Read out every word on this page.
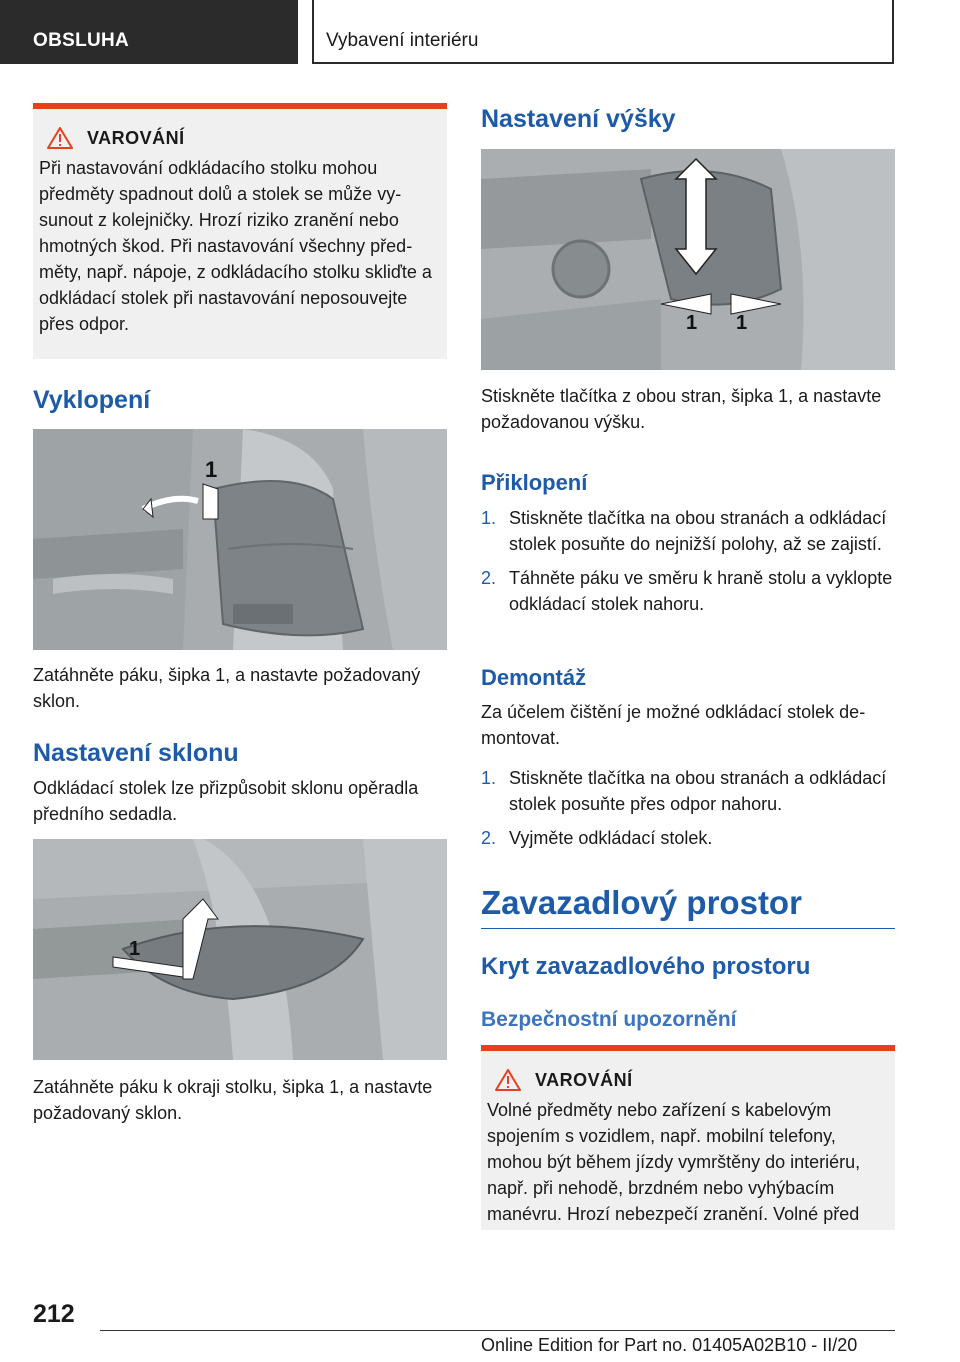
OBSLUHA	Vybavení interiéru
VAROVÁNÍ

Při nastavování odkládacího stolku mohou předměty spadnout dolů a stolek se může vysunout z kolejničky. Hrozí riziko zranění nebo hmotných škod. Při nastavování všechny předměty, např. nápoje, z odkládacího stolku skliďte a odkládací stolek při nastavování neposouvejte přes odpor.

Vyklopení
1
Zatáhněte páku, šipka 1, a nastavte požadovaný sklon.
Nastavení sklonu
Odkládací stolek lze přizpůsobit sklonu opěradla předního sedadla.
1
Zatáhněte páku k okraji stolku, šipka 1, a nastavte požadovaný sklon.
Nastavení výšky
1 1
Stiskněte tlačítka z obou stran, šipka 1, a nastavte požadovanou výšku.
Přiklopení
1. Stiskněte tlačítka na obou stranách a odkládací stolek posuňte do nejnižší polohy, až se zajistí.
2. Táhněte páku ve směru k hraně stolu a vyklopte odkládací stolek nahoru.
Demontáž
Za účelem čištění je možné odkládací stolek demontovat.
1. Stiskněte tlačítka na obou stranách a odkládací stolek posuňte přes odpor nahoru.
2. Vyjměte odkládací stolek.
Zavazadlový prostor
Kryt zavazadlového prostoru
Bezpečnostní upozornění
VAROVÁNÍ

Volné předměty nebo zařízení s kabelovým spojením s vozidlem, např. mobilní telefony, mohou být během jízdy vymrštěny do interiéru, např. při nehodě, brzdném nebo vyhýbacím manévru. Hrozí nebezpečí zranění. Volné před

212
Online Edition for Part no. 01405A02B10 - II/20
